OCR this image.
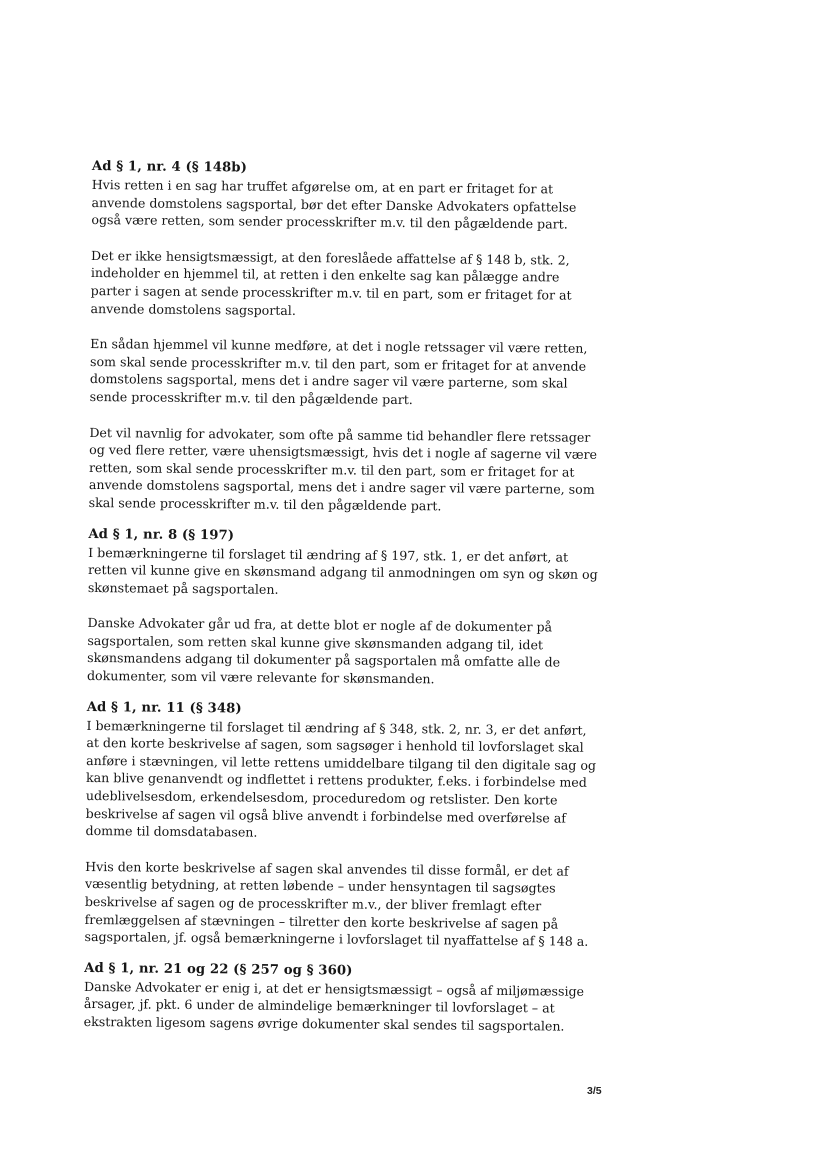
Ad § 1, nr. 4 (§ 148b)

Hvis retten i en sag har truffet afgørelse om, at en part er fritaget for at anvende domstolens sagsportal, bør det efter Danske Advokaters opfattelse også være retten, som sender processkrifter m.v. til den pågældende part.

Det er ikke hensigtsmæssigt, at den foreslåede affattelse af § 148 b, stk. 2, indeholder en hjemmel til, at retten i den enkelte sag kan pålægge andre parter i sagen at sende processkrifter m.v. til en part, som er fritaget for at anvende domstolens sagsportal.

En sådan hjemmel vil kunne medføre, at det i nogle retssager vil være retten, som skal sende processkrifter m.v. til den part, som er fritaget for at anvende domstolens sagsportal, mens det i andre sager vil være parterne, som skal sende processkrifter m.v. til den pågældende part.

Det vil navnlig for advokater, som ofte på samme tid behandler flere retssager og ved flere retter, være uhensigtsmæssigt, hvis det i nogle af sagerne vil være retten, som skal sende processkrifter m.v. til den part, som er fritaget for at anvende domstolens sagsportal, mens det i andre sager vil være parterne, som skal sende processkrifter m.v. til den pågældende part.

Ad § 1, nr. 8 (§ 197)

I bemærkningerne til forslaget til ændring af § 197, stk. 1, er det anført, at retten vil kunne give en skønsmand adgang til anmodningen om syn og skøn og skønstemaet på sagsportalen.

Danske Advokater går ud fra, at dette blot er nogle af de dokumenter på sagsportalen, som retten skal kunne give skønsmanden adgang til, idet skønsmandens adgang til dokumenter på sagsportalen må omfatte alle de dokumenter, som vil være relevante for skønsmanden.

Ad § 1, nr. 11 (§ 348)

I bemærkningerne til forslaget til ændring af § 348, stk. 2, nr. 3, er det anført, at den korte beskrivelse af sagen, som sagsøger i henhold til lovforslaget skal anføre i stævningen, vil lette rettens umiddelbare tilgang til den digitale sag og kan blive genanvendt og indflettet i rettens produkter, f.eks. i forbindelse med udeblivelsesdom, erkendelsesdom, proceduredom og retslister. Den korte beskrivelse af sagen vil også blive anvendt i forbindelse med overførelse af domme til domsdatabasen.

Hvis den korte beskrivelse af sagen skal anvendes til disse formål, er det af væsentlig betydning, at retten løbende – under hensyntagen til sagsøgtes beskrivelse af sagen og de processkrifter m.v., der bliver fremlagt efter fremlæggelsen af stævningen – tilretter den korte beskrivelse af sagen på sagsportalen, jf. også bemærkningerne i lovforslaget til nyaffattelse af § 148 a.

Ad § 1, nr. 21 og 22 (§ 257 og § 360)

Danske Advokater er enig i, at det er hensigtsmæssigt – også af miljømæssige årsager, jf. pkt. 6 under de almindelige bemærkninger til lovforslaget – at ekstrakten ligesom sagens øvrige dokumenter skal sendes til sagsportalen.

3/5
